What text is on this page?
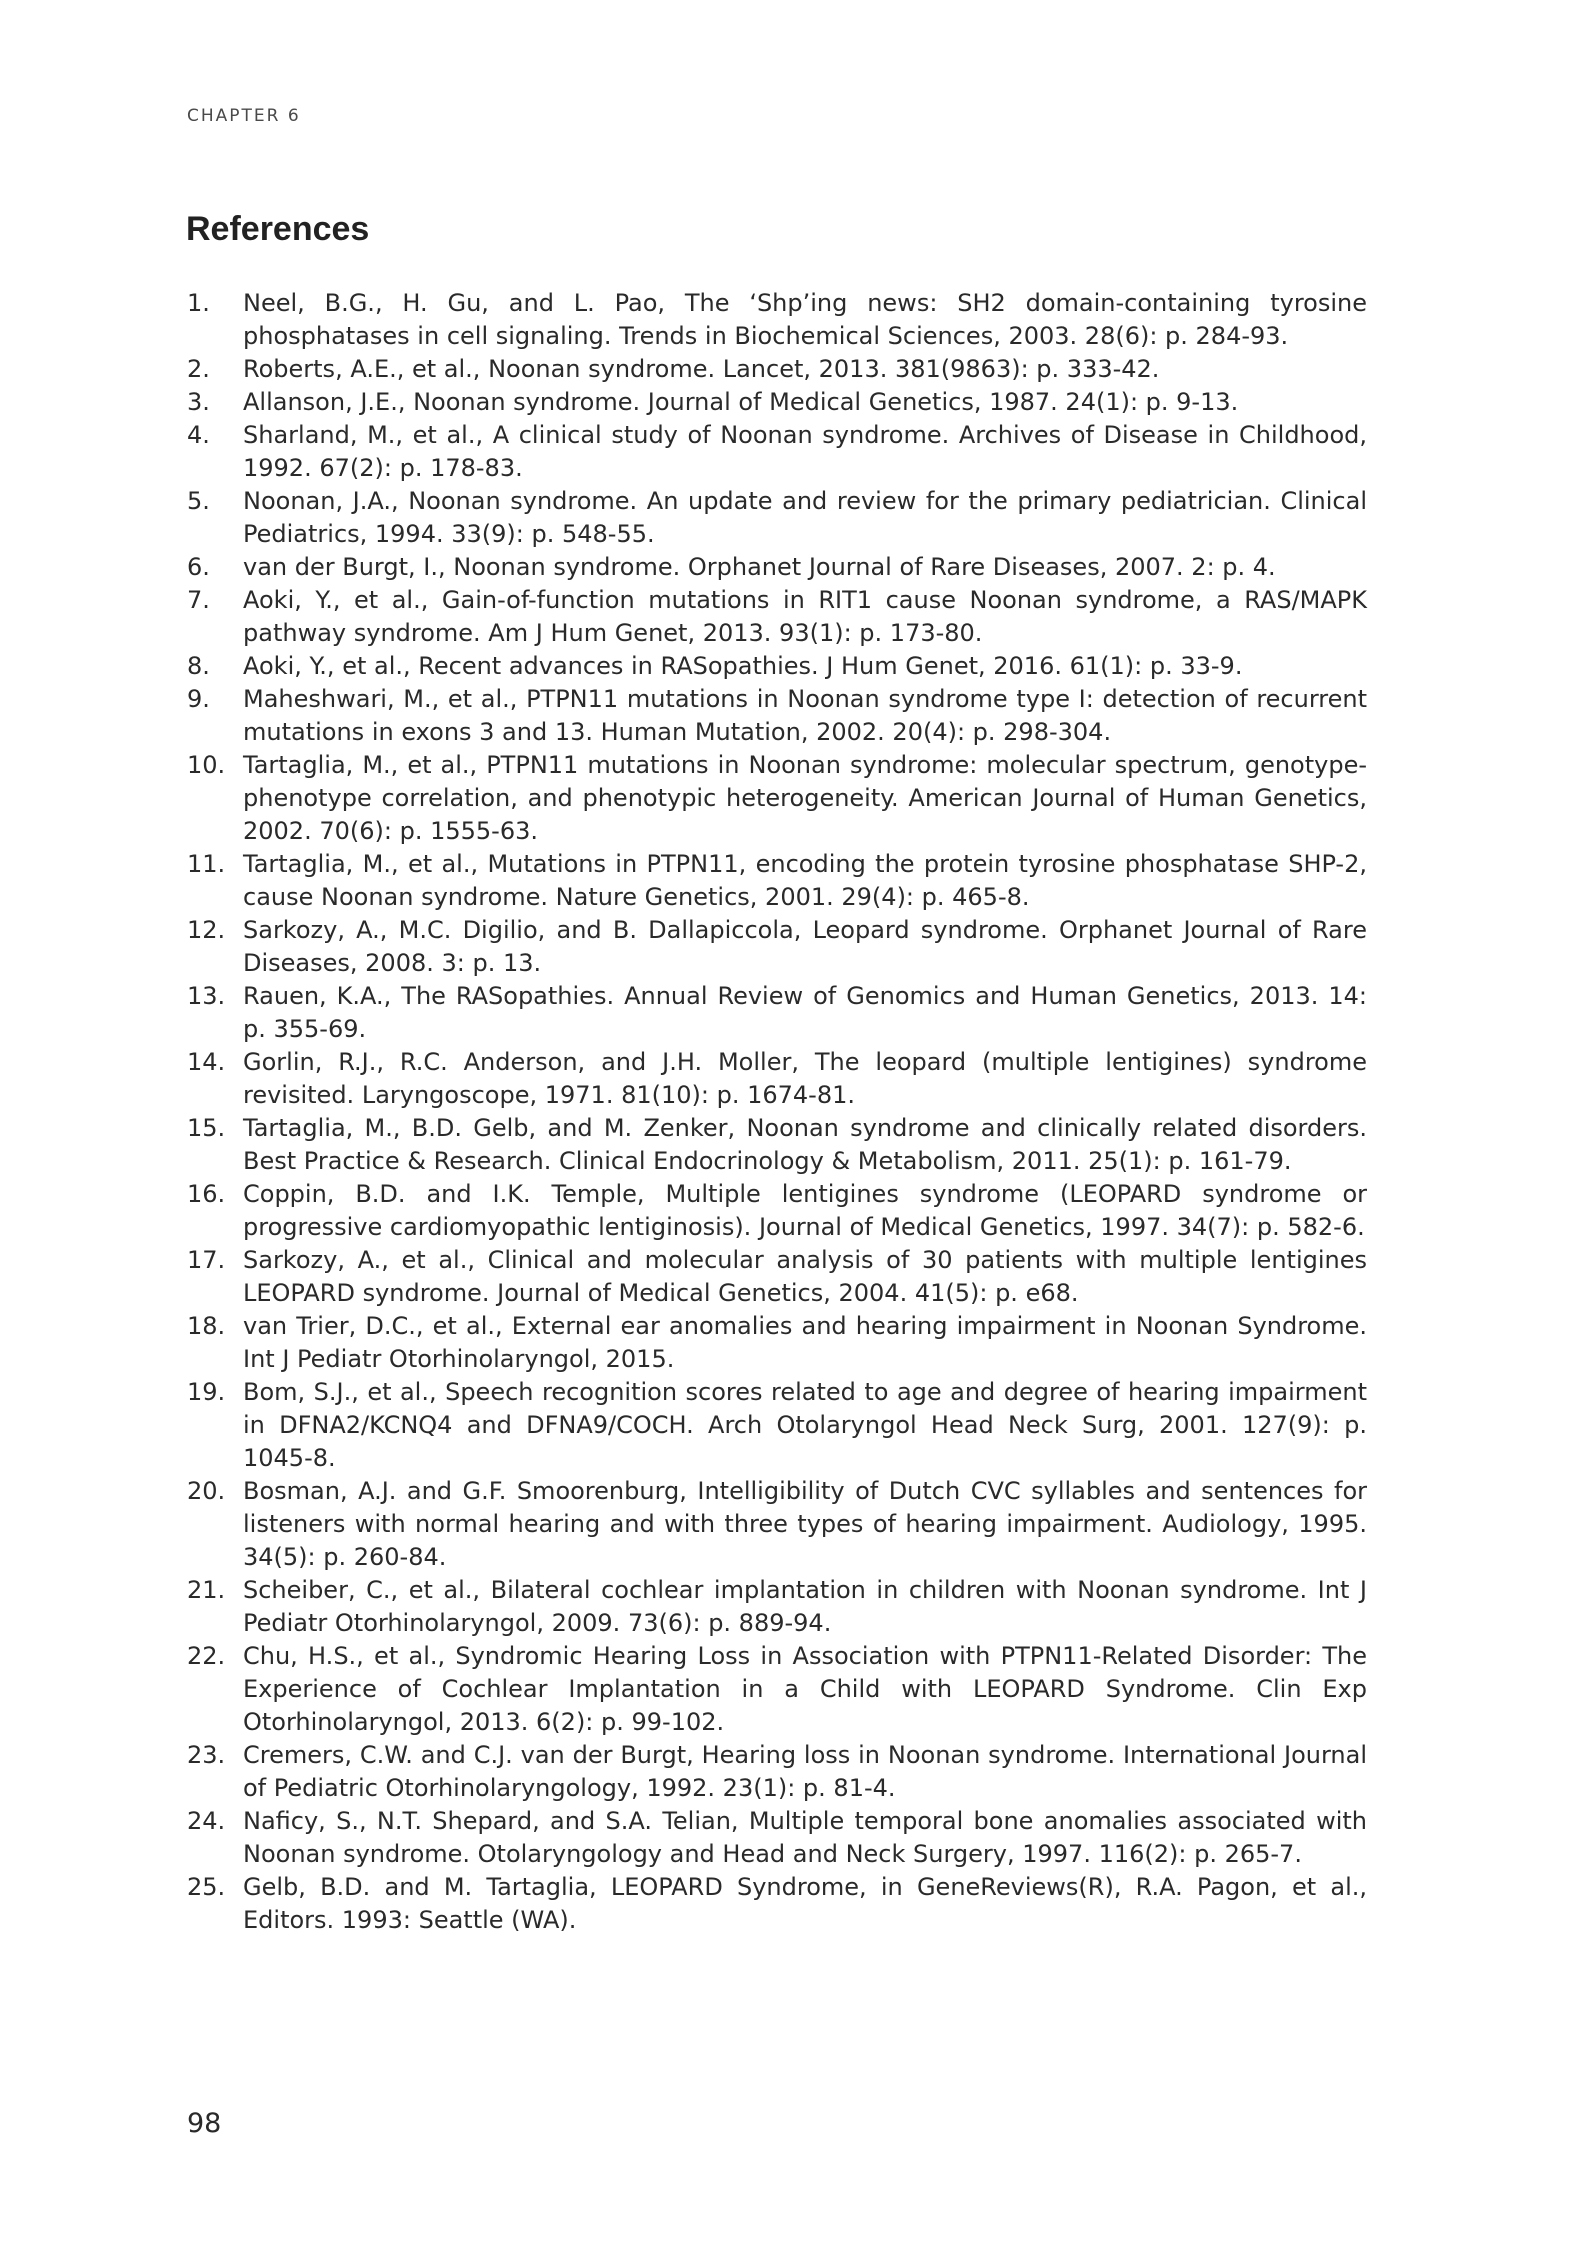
CHAPTER 6
References
1.	Neel, B.G., H. Gu, and L. Pao, The ‘Shp’ing news: SH2 domain-containing tyrosine phosphatases in cell signaling. Trends in Biochemical Sciences, 2003. 28(6): p. 284-93.
2.	Roberts, A.E., et al., Noonan syndrome. Lancet, 2013. 381(9863): p. 333-42.
3.	Allanson, J.E., Noonan syndrome. Journal of Medical Genetics, 1987. 24(1): p. 9-13.
4.	Sharland, M., et al., A clinical study of Noonan syndrome. Archives of Disease in Childhood, 1992. 67(2): p. 178-83.
5.	Noonan, J.A., Noonan syndrome. An update and review for the primary pediatrician. Clinical Pediatrics, 1994. 33(9): p. 548-55.
6.	van der Burgt, I., Noonan syndrome. Orphanet Journal of Rare Diseases, 2007. 2: p. 4.
7.	Aoki, Y., et al., Gain-of-function mutations in RIT1 cause Noonan syndrome, a RAS/MAPK pathway syndrome. Am J Hum Genet, 2013. 93(1): p. 173-80.
8.	Aoki, Y., et al., Recent advances in RASopathies. J Hum Genet, 2016. 61(1): p. 33-9.
9.	Maheshwari, M., et al., PTPN11 mutations in Noonan syndrome type I: detection of recurrent mutations in exons 3 and 13. Human Mutation, 2002. 20(4): p. 298-304.
10. Tartaglia, M., et al., PTPN11 mutations in Noonan syndrome: molecular spectrum, genotype-phenotype correlation, and phenotypic heterogeneity. American Journal of Human Genetics, 2002. 70(6): p. 1555-63.
11. Tartaglia, M., et al., Mutations in PTPN11, encoding the protein tyrosine phosphatase SHP-2, cause Noonan syndrome. Nature Genetics, 2001. 29(4): p. 465-8.
12. Sarkozy, A., M.C. Digilio, and B. Dallapiccola, Leopard syndrome. Orphanet Journal of Rare Diseases, 2008. 3: p. 13.
13. Rauen, K.A., The RASopathies. Annual Review of Genomics and Human Genetics, 2013. 14: p. 355-69.
14. Gorlin, R.J., R.C. Anderson, and J.H. Moller, The leopard (multiple lentigines) syndrome revisited. Laryngoscope, 1971. 81(10): p. 1674-81.
15. Tartaglia, M., B.D. Gelb, and M. Zenker, Noonan syndrome and clinically related disorders. Best Practice & Research. Clinical Endocrinology & Metabolism, 2011. 25(1): p. 161-79.
16. Coppin, B.D. and I.K. Temple, Multiple lentigines syndrome (LEOPARD syndrome or progressive cardiomyopathic lentiginosis). Journal of Medical Genetics, 1997. 34(7): p. 582-6.
17. Sarkozy, A., et al., Clinical and molecular analysis of 30 patients with multiple lentigines LEOPARD syndrome. Journal of Medical Genetics, 2004. 41(5): p. e68.
18. van Trier, D.C., et al., External ear anomalies and hearing impairment in Noonan Syndrome. Int J Pediatr Otorhinolaryngol, 2015.
19. Bom, S.J., et al., Speech recognition scores related to age and degree of hearing impairment in DFNA2/KCNQ4 and DFNA9/COCH. Arch Otolaryngol Head Neck Surg, 2001. 127(9): p. 1045-8.
20. Bosman, A.J. and G.F. Smoorenburg, Intelligibility of Dutch CVC syllables and sentences for listeners with normal hearing and with three types of hearing impairment. Audiology, 1995. 34(5): p. 260-84.
21. Scheiber, C., et al., Bilateral cochlear implantation in children with Noonan syndrome. Int J Pediatr Otorhinolaryngol, 2009. 73(6): p. 889-94.
22. Chu, H.S., et al., Syndromic Hearing Loss in Association with PTPN11-Related Disorder: The Experience of Cochlear Implantation in a Child with LEOPARD Syndrome. Clin Exp Otorhinolaryngol, 2013. 6(2): p. 99-102.
23. Cremers, C.W. and C.J. van der Burgt, Hearing loss in Noonan syndrome. International Journal of Pediatric Otorhinolaryngology, 1992. 23(1): p. 81-4.
24. Naficy, S., N.T. Shepard, and S.A. Telian, Multiple temporal bone anomalies associated with Noonan syndrome. Otolaryngology and Head and Neck Surgery, 1997. 116(2): p. 265-7.
25. Gelb, B.D. and M. Tartaglia, LEOPARD Syndrome, in GeneReviews(R), R.A. Pagon, et al., Editors. 1993: Seattle (WA).
98
